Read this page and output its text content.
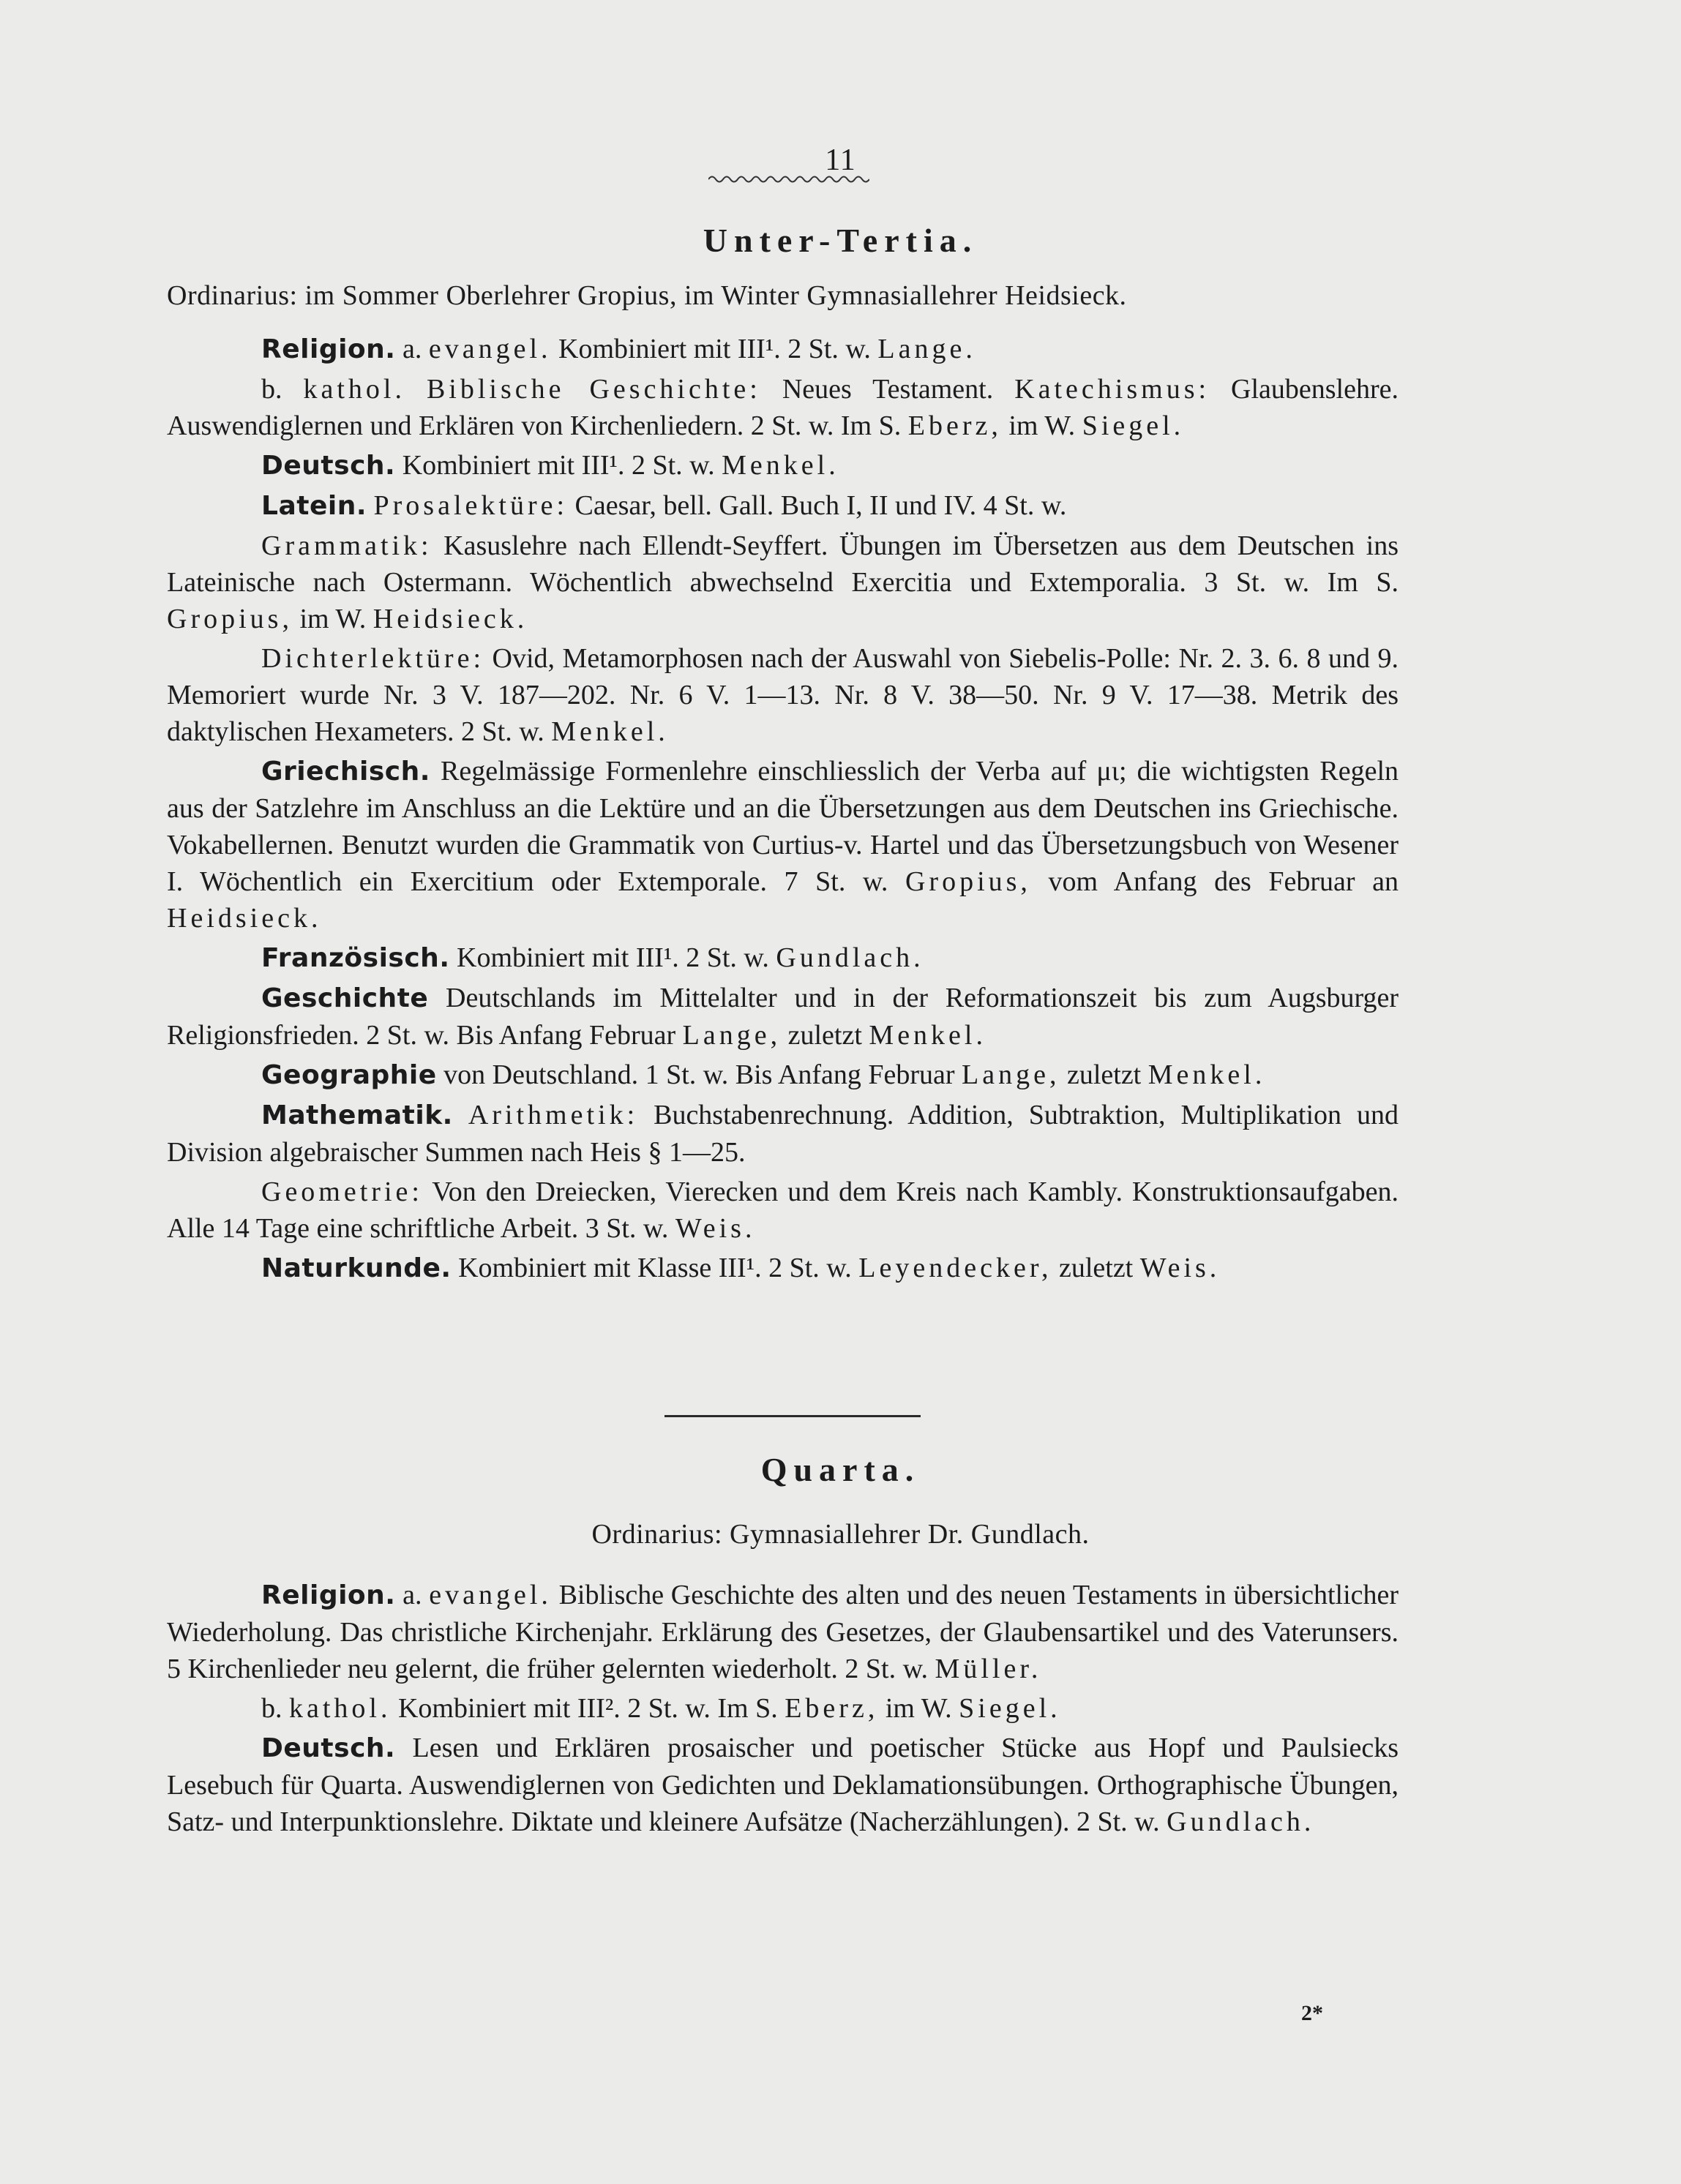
11
Unter-Tertia.
Ordinarius: im Sommer Oberlehrer Gropius, im Winter Gymnasiallehrer Heidsieck.

Religion. a. evangel. Kombiniert mit III¹. 2 St. w. Lange.

b. kathol. Biblische Geschichte: Neues Testament. Katechismus: Glaubenslehre. Auswendiglernen und Erklären von Kirchenliedern. 2 St. w. Im S. Eberz, im W. Siegel.

Deutsch. Kombiniert mit III¹. 2 St. w. Menkel.

Latein. Prosalektüre: Caesar, bell. Gall. Buch I, II und IV. 4 St. w.

Grammatik: Kasuslehre nach Ellendt-Seyffert. Übungen im Übersetzen aus dem Deutschen ins Lateinische nach Ostermann. Wöchentlich abwechselnd Exercitia und Extemporalia. 3 St. w. Im S. Gropius, im W. Heidsieck.

Dichterlektüre: Ovid, Metamorphosen nach der Auswahl von Siebelis-Polle: Nr. 2. 3. 6. 8 und 9. Memoriert wurde Nr. 3 V. 187—202. Nr. 6 V. 1—13. Nr. 8 V. 38—50. Nr. 9 V. 17—38. Metrik des daktylischen Hexameters. 2 St. w. Menkel.

Griechisch. Regelmässige Formenlehre einschliesslich der Verba auf μι; die wichtigsten Regeln aus der Satzlehre im Anschluss an die Lektüre und an die Übersetzungen aus dem Deutschen ins Griechische. Vokabellernen. Benutzt wurden die Grammatik von Curtius-v. Hartel und das Übersetzungsbuch von Wesener I. Wöchentlich ein Exercitium oder Extemporale. 7 St. w. Gropius, vom Anfang des Februar an Heidsieck.

Französisch. Kombiniert mit III¹. 2 St. w. Gundlach.

Geschichte Deutschlands im Mittelalter und in der Reformationszeit bis zum Augsburger Religionsfrieden. 2 St. w. Bis Anfang Februar Lange, zuletzt Menkel.

Geographie von Deutschland. 1 St. w. Bis Anfang Februar Lange, zuletzt Menkel.

Mathematik. Arithmetik: Buchstabenrechnung. Addition, Subtraktion, Multiplikation und Division algebraischer Summen nach Heis § 1—25.

Geometrie: Von den Dreiecken, Vierecken und dem Kreis nach Kambly. Konstruktionsaufgaben. Alle 14 Tage eine schriftliche Arbeit. 3 St. w. Weis.

Naturkunde. Kombiniert mit Klasse III¹. 2 St. w. Leyendecker, zuletzt Weis.

Quarta.
Ordinarius: Gymnasiallehrer Dr. Gundlach.

Religion. a. evangel. Biblische Geschichte des alten und des neuen Testaments in übersichtlicher Wiederholung. Das christliche Kirchenjahr. Erklärung des Gesetzes, der Glaubensartikel und des Vaterunsers. 5 Kirchenlieder neu gelernt, die früher gelernten wiederholt. 2 St. w. Müller.

b. kathol. Kombiniert mit III². 2 St. w. Im S. Eberz, im W. Siegel.

Deutsch. Lesen und Erklären prosaischer und poetischer Stücke aus Hopf und Paulsiecks Lesebuch für Quarta. Auswendiglernen von Gedichten und Deklamationsübungen. Orthographische Übungen, Satz- und Interpunktionslehre. Diktate und kleinere Aufsätze (Nacherzählungen). 2 St. w. Gundlach.

2*
